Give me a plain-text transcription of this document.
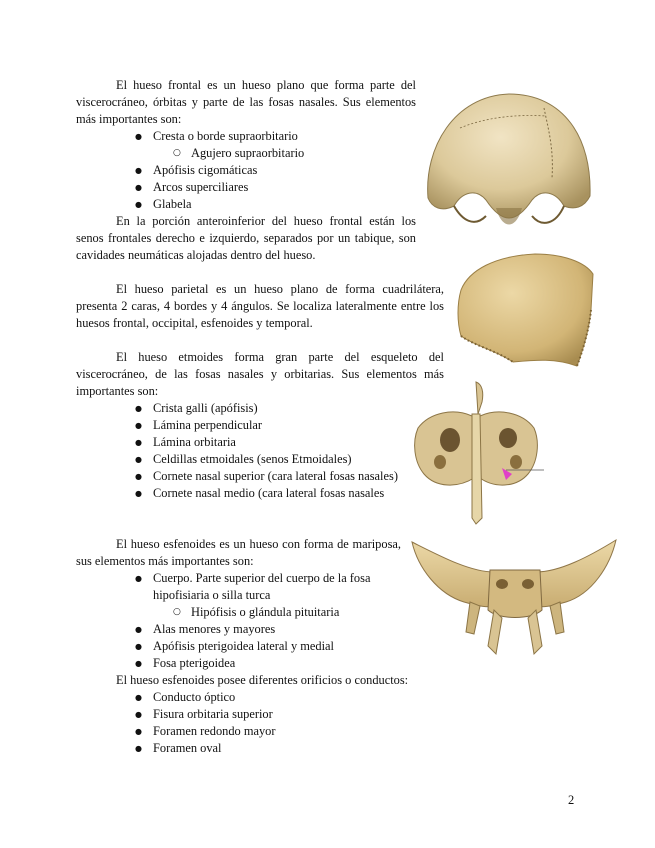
El hueso frontal es un hueso plano que forma parte del viscerocráneo, órbitas y parte de las fosas nasales. Sus elementos más importantes son:

● Cresta o borde supraorbitario
○ Agujero supraorbitario
● Apófisis cigomáticas
● Arcos superciliares
● Glabela

En la porción anteroinferior del hueso frontal están los senos frontales derecho e izquierdo, separados por un tabique, son cavidades neumáticas alojadas dentro del hueso.

El hueso parietal es un hueso plano de forma cuadrilátera, presenta 2 caras, 4 bordes y 4 ángulos. Se localiza lateralmente entre los huesos frontal, occipital, esfenoides y temporal.

El hueso etmoides forma gran parte del esqueleto del viscerocráneo, de las fosas nasales y orbitarias. Sus elementos más importantes son:

● Crista galli (apófisis)
● Lámina perpendicular
● Lámina orbitaria
● Celdillas etmoidales (senos Etmoidales)
● Cornete nasal superior (cara lateral fosas nasales)
● Cornete nasal medio (cara lateral fosas nasales

El hueso esfenoides es un hueso con forma de mariposa, sus elementos más importantes son:

● Cuerpo. Parte superior del cuerpo de la fosa hipofisiaria o silla turca
○ Hipófisis o glándula pituitaria
● Alas menores y mayores
● Apófisis pterigoidea lateral y medial
● Fosa pterigoidea

El hueso esfenoides posee diferentes orificios o conductos:

● Conducto óptico
● Fisura orbitaria superior
● Foramen redondo mayor
● Foramen oval
2
